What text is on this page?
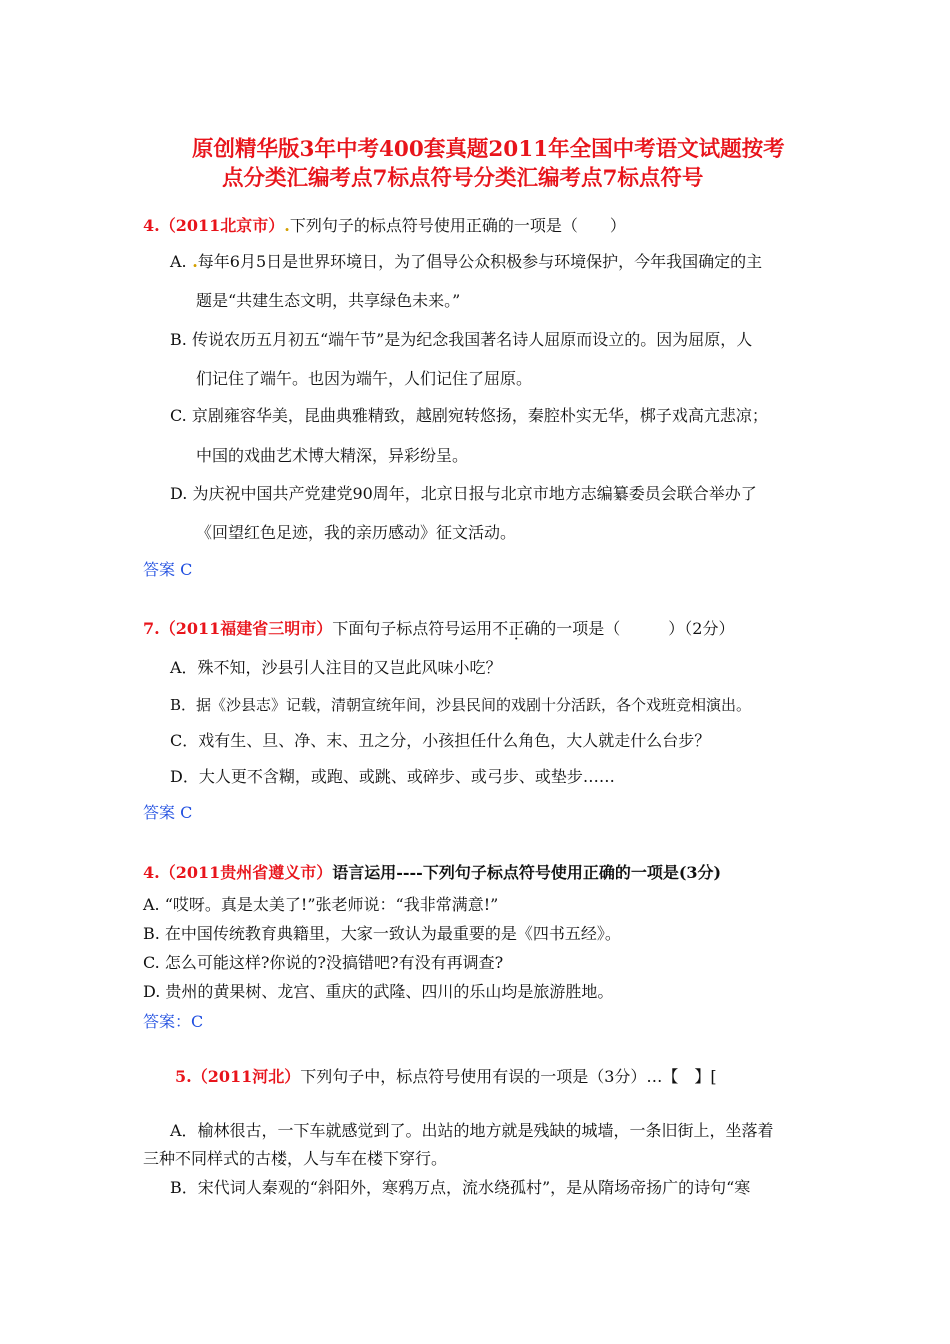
原创精华版3年中考400套真题2011年全国中考语文试题按考
点分类汇编考点7标点符号分类汇编考点7标点符号
4.（2011北京市）.下列句子的标点符号使用正确的一项是（　　）
A. .每年6月5日是世界环境日，为了倡导公众积极参与环境保护，今年我国确定的主
题是“共建生态文明，共享绿色未来。”
B. 传说农历五月初五“端午节”是为纪念我国著名诗人屈原而设立的。因为屈原，人
们记住了端午。也因为端午，人们记住了屈原。
C. 京剧雍容华美，昆曲典雅精致，越剧宛转悠扬，秦腔朴实无华，梆子戏高亢悲凉；
中国的戏曲艺术博大精深，异彩纷呈。
D. 为庆祝中国共产党建党90周年，北京日报与北京市地方志编纂委员会联合举办了
《回望红色足迹，我的亲历感动》征文活动。
答案 C
7.（2011福建省三明市）下面句子标点符号运用不正确的一项是（　　　）（2分）
A．殊不知，沙县引人注目的又岂此风味小吃？
B．据《沙县志》记载，清朝宣统年间，沙县民间的戏剧十分活跃，各个戏班竞相演出。
C．戏有生、旦、净、末、丑之分，小孩担任什么角色，大人就走什么台步？
D．大人更不含糊，或跑、或跳、或碎步、或弓步、或垫步……
答案 C
4.（2011贵州省遵义市）语言运用----下列句子标点符号使用正确的一项是(3分)
A. “哎呀。真是太美了!”张老师说：“我非常满意!”
B. 在中国传统教育典籍里，大家一致认为最重要的是《四书五经》。
C. 怎么可能这样?你说的?没搞错吧?有没有再调查?
D. 贵州的黄果树、龙宫、重庆的武隆、四川的乐山均是旅游胜地。
答案：C
5.（2011河北）下列句子中，标点符号使用有误的一项是（3分）…【　】[
A．榆林很古，一下车就感觉到了。出站的地方就是残缺的城墙，一条旧街上，坐落着
三种不同样式的古楼，人与车在楼下穿行。
B．宋代词人秦观的“斜阳外，寒鸦万点，流水绕孤村”，是从隋场帝扬广的诗句“寒
